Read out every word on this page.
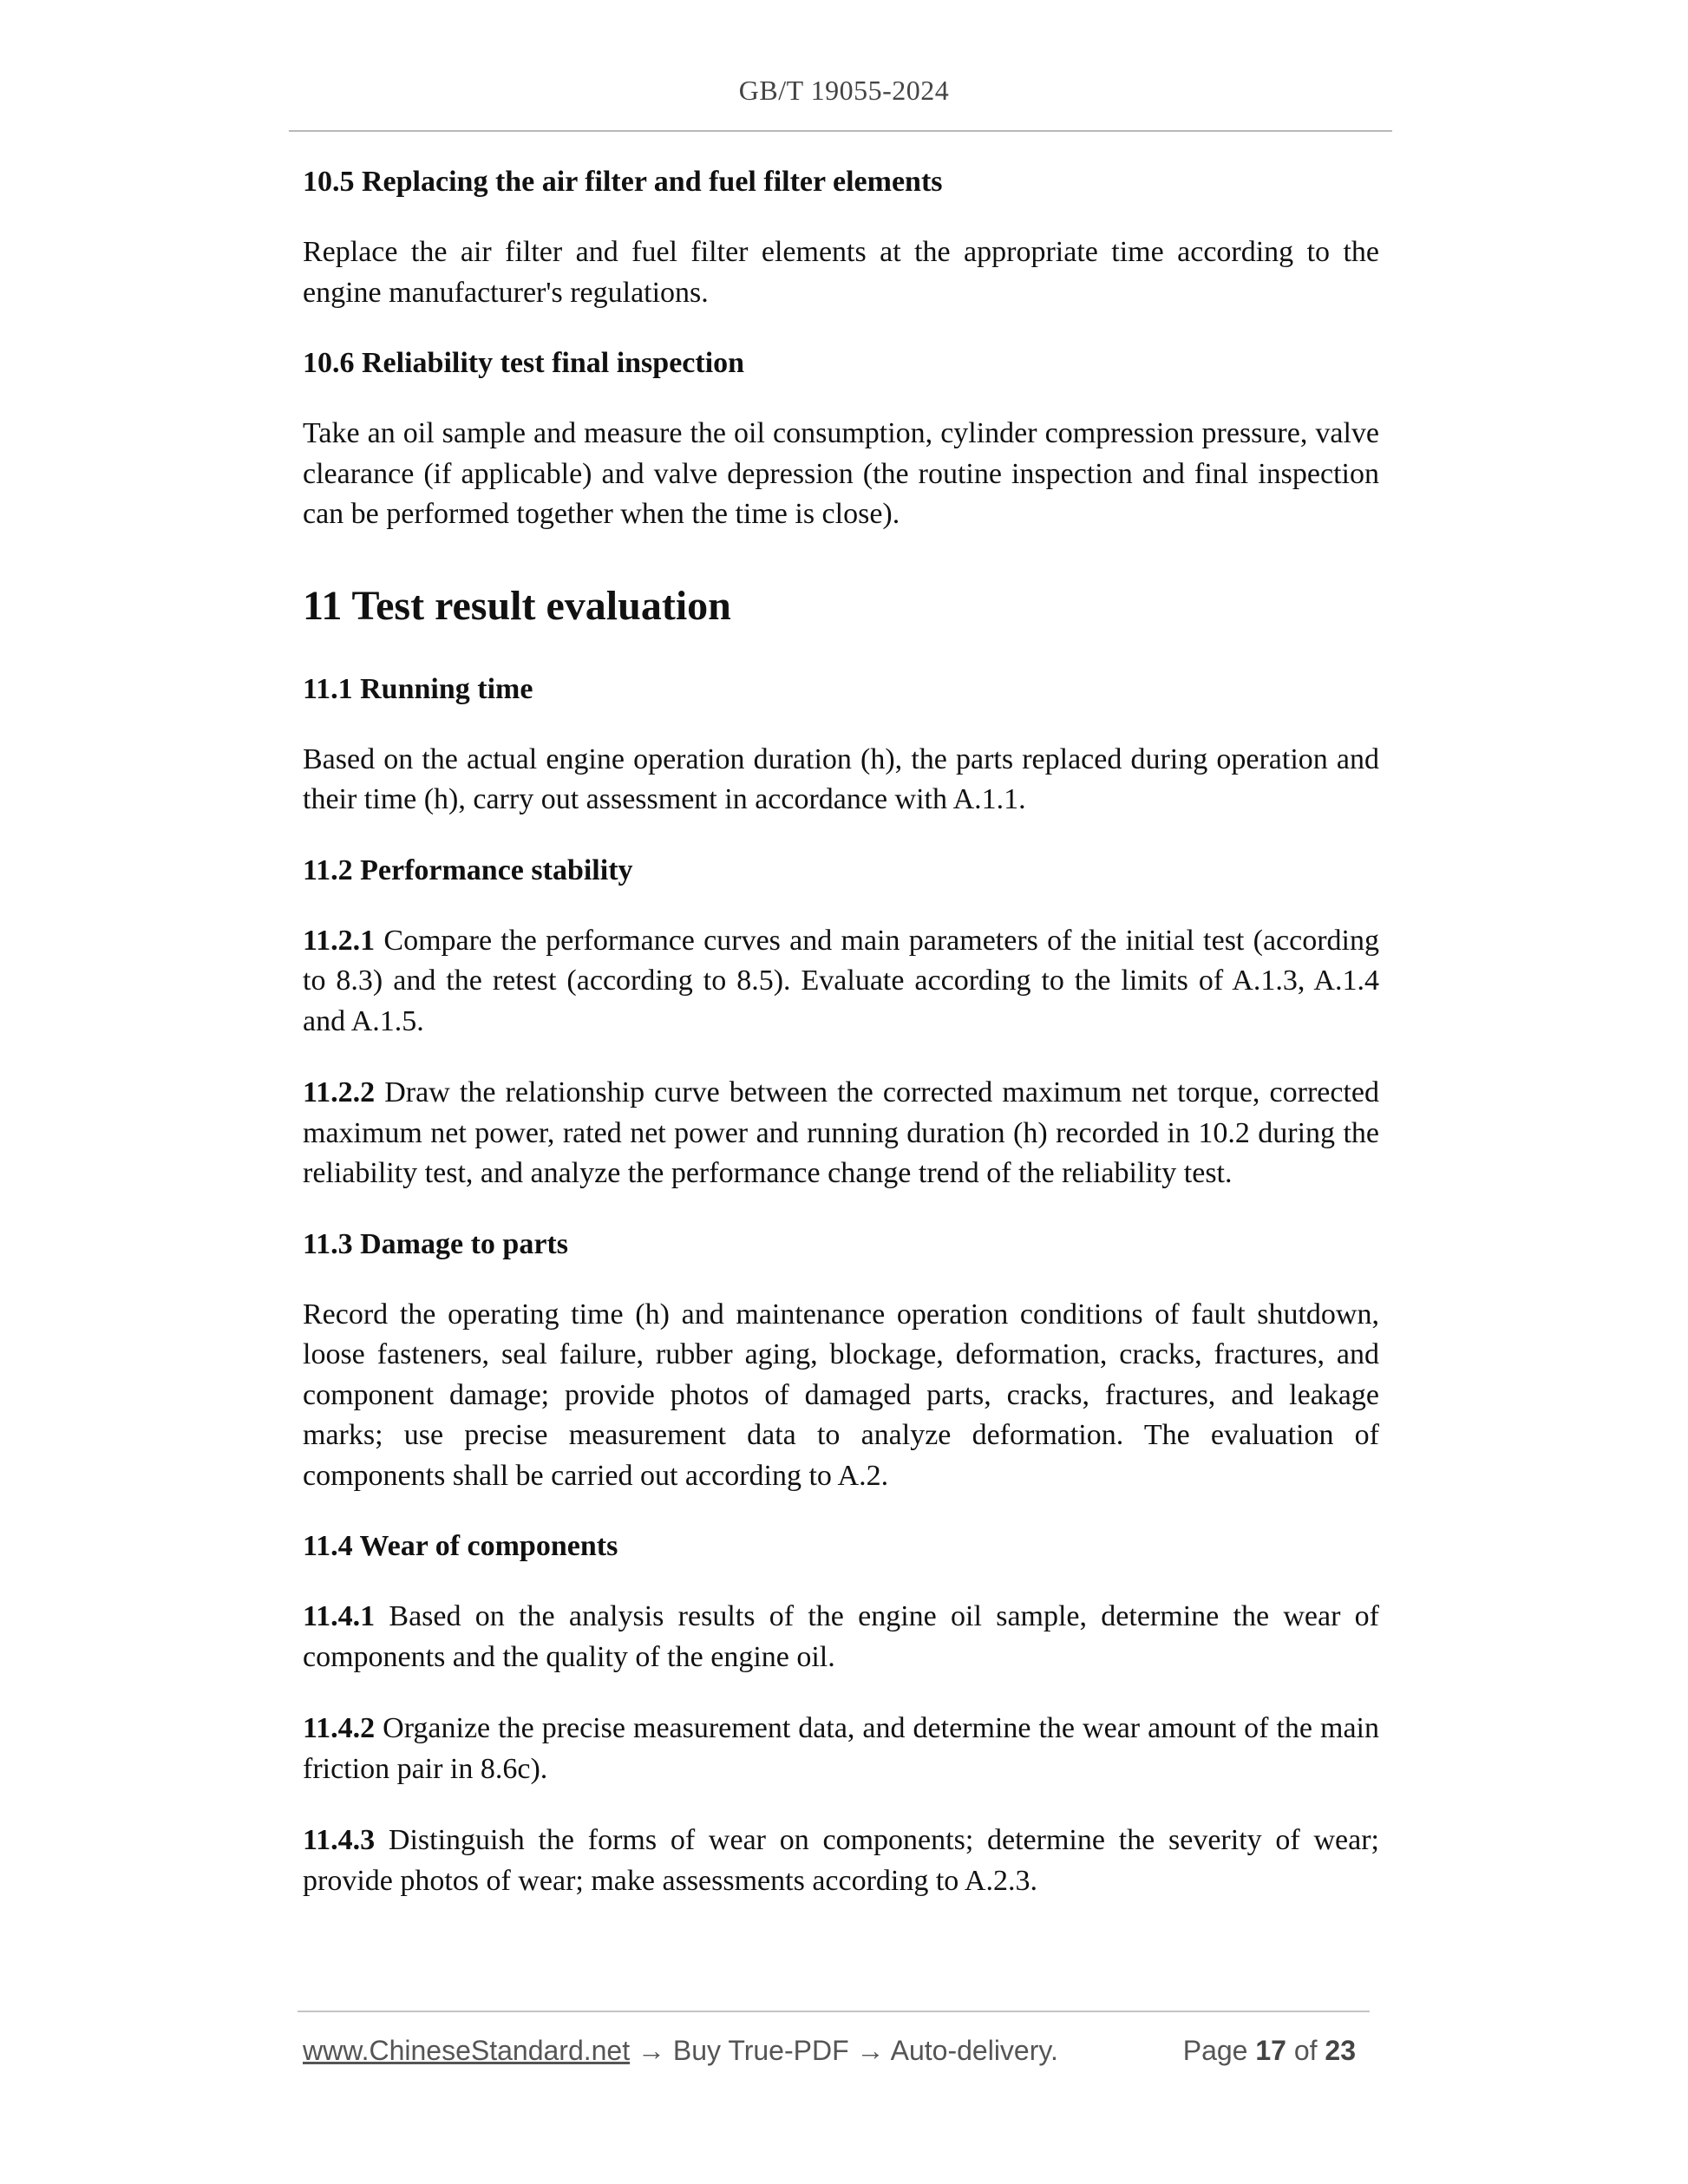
GB/T 19055-2024

10.5 Replacing the air filter and fuel filter elements

Replace the air filter and fuel filter elements at the appropriate time according to the engine manufacturer's regulations.

10.6 Reliability test final inspection

Take an oil sample and measure the oil consumption, cylinder compression pressure, valve clearance (if applicable) and valve depression (the routine inspection and final inspection can be performed together when the time is close).

11 Test result evaluation

11.1 Running time

Based on the actual engine operation duration (h), the parts replaced during operation and their time (h), carry out assessment in accordance with A.1.1.

11.2 Performance stability

11.2.1 Compare the performance curves and main parameters of the initial test (according to 8.3) and the retest (according to 8.5). Evaluate according to the limits of A.1.3, A.1.4 and A.1.5.

11.2.2 Draw the relationship curve between the corrected maximum net torque, corrected maximum net power, rated net power and running duration (h) recorded in 10.2 during the reliability test, and analyze the performance change trend of the reliability test.

11.3 Damage to parts

Record the operating time (h) and maintenance operation conditions of fault shutdown, loose fasteners, seal failure, rubber aging, blockage, deformation, cracks, fractures, and component damage; provide photos of damaged parts, cracks, fractures, and leakage marks; use precise measurement data to analyze deformation. The evaluation of components shall be carried out according to A.2.

11.4 Wear of components

11.4.1 Based on the analysis results of the engine oil sample, determine the wear of components and the quality of the engine oil.

11.4.2 Organize the precise measurement data, and determine the wear amount of the main friction pair in 8.6c).

11.4.3 Distinguish the forms of wear on components; determine the severity of wear; provide photos of wear; make assessments according to A.2.3.

www.ChineseStandard.net → Buy True-PDF → Auto-delivery.	Page 17 of 23
